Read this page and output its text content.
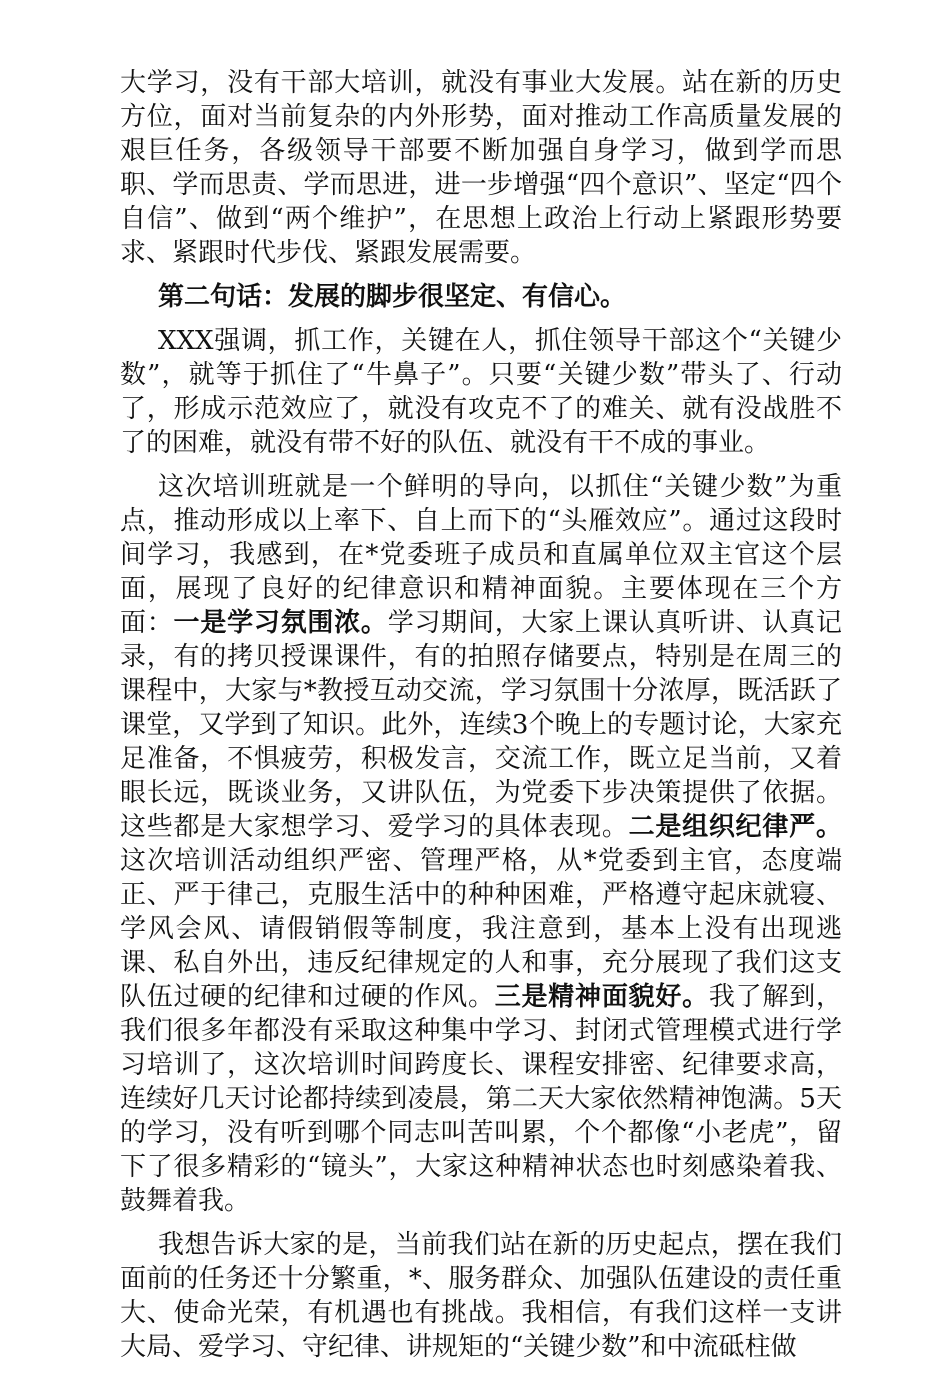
大学习，没有干部大培训，就没有事业大发展。站在新的历史方位，面对当前复杂的内外形势，面对推动工作高质量发展的艰巨任务，各级领导干部要不断加强自身学习，做到学而思职、学而思责、学而思进，进一步增强“四个意识”、坚定“四个自信”、做到“两个维护”，在思想上政治上行动上紧跟形势要求、紧跟时代步伐、紧跟发展需要。

第二句话：发展的脚步很坚定、有信心。

XXX强调，抓工作，关键在人，抓住领导干部这个“关键少数”，就等于抓住了“牛鼻子”。只要“关键少数”带头了、行动了，形成示范效应了，就没有攻克不了的难关、就有没战胜不了的困难，就没有带不好的队伍、就没有干不成的事业。

这次培训班就是一个鲜明的导向，以抓住“关键少数”为重点，推动形成以上率下、自上而下的“头雁效应”。通过这段时间学习，我感到，在*党委班子成员和直属单位双主官这个层面，展现了良好的纪律意识和精神面貌。主要体现在三个方面：一是学习氛围浓。学习期间，大家上课认真听讲、认真记录，有的拷贝授课课件，有的拍照存储要点，特别是在周三的课程中，大家与*教授互动交流，学习氛围十分浓厚，既活跃了课堂，又学到了知识。此外，连续3个晚上的专题讨论，大家充足准备，不惧疲劳，积极发言，交流工作，既立足当前，又着眼长远，既谈业务，又讲队伍，为党委下步决策提供了依据。这些都是大家想学习、爱学习的具体表现。二是组织纪律严。这次培训活动组织严密、管理严格，从*党委到主官，态度端正、严于律己，克服生活中的种种困难，严格遵守起床就寝、学风会风、请假销假等制度，我注意到，基本上没有出现逃课、私自外出，违反纪律规定的人和事，充分展现了我们这支队伍过硬的纪律和过硬的作风。三是精神面貌好。我了解到，我们很多年都没有采取这种集中学习、封闭式管理模式进行学习培训了，这次培训时间跨度长、课程安排密、纪律要求高，连续好几天讨论都持续到凌晨，第二天大家依然精神饱满。5天的学习，没有听到哪个同志叫苦叫累，个个都像“小老虎”，留下了很多精彩的“镜头”，大家这种精神状态也时刻感染着我、鼓舞着我。

我想告诉大家的是，当前我们站在新的历史起点，摆在我们面前的任务还十分繁重，*、服务群众、加强队伍建设的责任重大、使命光荣，有机遇也有挑战。我相信，有我们这样一支讲大局、爱学习、守纪律、讲规矩的“关键少数”和中流砥柱做
